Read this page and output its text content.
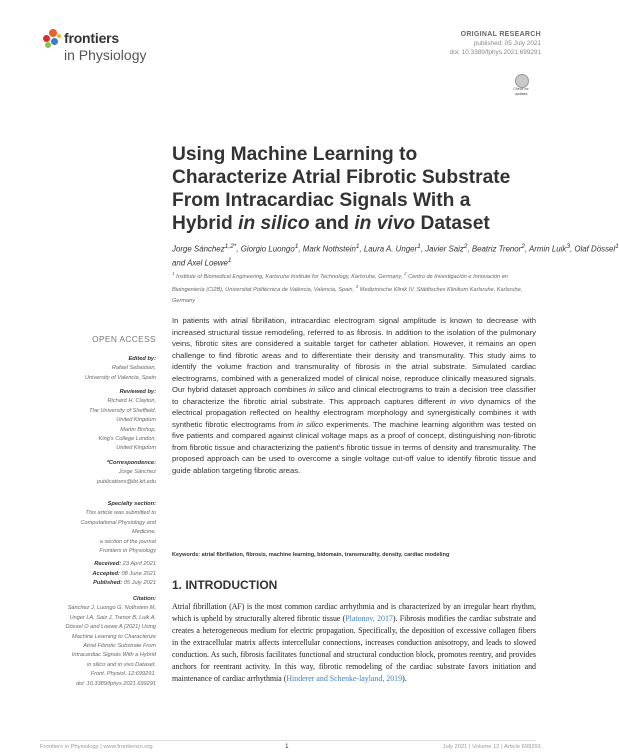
frontiers
in Physiology
ORIGINAL RESEARCH
published: 05 July 2021
doi: 10.3389/fphys.2021.699291
Check for
updates
Using Machine Learning to
Characterize Atrial Fibrotic Substrate
From Intracardiac Signals With a
Hybrid in silico and in vivo Dataset
Jorge Sánchez$^{1,2*}$, Giorgio Luongo$^1$, Mark Nothstein$^1$, Laura A. Unger$^1$, Javier Saiz$^2$, Beatriz Trenor$^2$, Armin Luik$^3$, Olaf Dössel$^1$ and Axel Loewe$^1$
$^1$ Institute of Biomedical Engineering, Karlsruhe Institute for Technology, Karlsruhe, Germany, $^2$ Centro de Investigación e Innovación en Bioingeniería (Ci2B), Universitat Politècnica de València, Valencia, Spain, $^3$ Medizinische Klinik IV, Städtisches Klinikum Karlsruhe, Karlsruhe, Germany
OPEN ACCESS
Edited by:
Rafael Sebastian,
University of Valencia, Spain
Reviewed by:
Richard H. Clayton,
The University of Sheffield,
United Kingdom
Martin Bishop,
King's College London,
United Kingdom
*Correspondence:
Jorge Sánchez
publications@ibt.kit.edu
Specialty section:
This article was submitted to
Computational Physiology and
Medicine,
a section of the journal
Frontiers in Physiology
Received: 23 April 2021
Accepted: 08 June 2021
Published: 05 July 2021
Citation:
Sánchez J, Luongo G, Nothstein M,
Unger LA, Saiz J, Trenor B, Luik A,
Dössel O and Loewe A (2021) Using
Machine Learning to Characterize
Atrial Fibrotic Substrate From
Intracardiac Signals With a Hybrid
in silico and in vivo Dataset.
Front. Physiol. 12:699291.
doi: 10.3389/fphys.2021.699291
In patients with atrial fibrillation, intracardiac electrogram signal amplitude is known to decrease with increased structural tissue remodeling, referred to as fibrosis. In addition to the isolation of the pulmonary veins, fibrotic sites are considered a suitable target for catheter ablation. However, it remains an open challenge to find fibrotic areas and to differentiate their density and transmurality. This study aims to identify the volume fraction and transmurality of fibrosis in the atrial substrate. Simulated cardiac electrograms, combined with a generalized model of clinical noise, reproduce clinically measured signals. Our hybrid dataset approach combines in silico and clinical electrograms to train a decision tree classifier to characterize the fibrotic atrial substrate. This approach captures different in vivo dynamics of the electrical propagation reflected on healthy electrogram morphology and synergistically combines it with synthetic fibrotic electrograms from in silico experiments. The machine learning algorithm was tested on five patients and compared against clinical voltage maps as a proof of concept, distinguishing non-fibrotic from fibrotic tissue and characterizing the patient's fibrotic tissue in terms of density and transmurality. The proposed approach can be used to overcome a single voltage cut-off value to identify fibrotic tissue and guide ablation targeting fibrotic areas.
Keywords: atrial fibrillation, fibrosis, machine learning, bidomain, transmurality, density, cardiac modeling
1. INTRODUCTION
Atrial fibrillation (AF) is the most common cardiac arrhythmia and is characterized by an irregular heart rhythm, which is upheld by structurally altered fibrotic tissue (Platonov, 2017). Fibrosis modifies the cardiac substrate and creates a heterogeneous medium for electric propagation. Specifically, the deposition of excessive collagen fibers in the extracellular matrix affects intercellular connections, increases conduction anisotropy, and leads to slowed conduction. As such, fibrosis facilitates functional and structural conduction block, promotes reentry, and provides anchors for reentrant activity. In this way, fibrotic remodeling of the cardiac substrate favors initiation and maintenance of cardiac arrhythmia (Hinderer and Schenke-layland, 2019).
Frontiers in Physiology | www.frontiersin.org	1	July 2021 | Volume 12 | Article 699291
